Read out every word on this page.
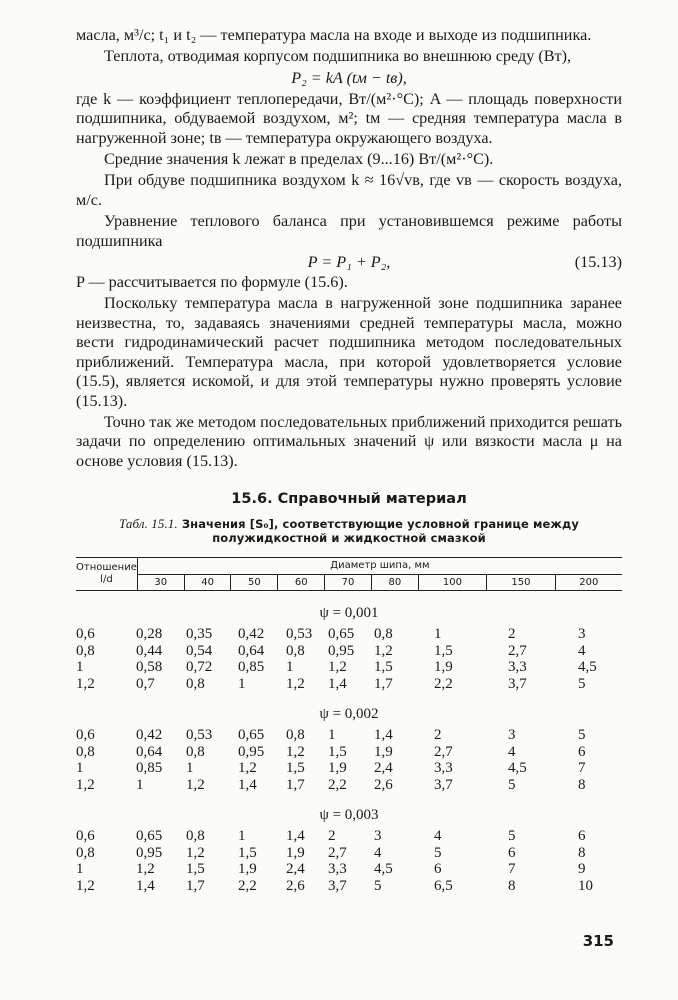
масла, м³/с; t₁ и t₂ — температура масла на входе и выходе из подшипника.

Теплота, отводимая корпусом подшипника во внешнюю среду (Вт),

P₂ = kA (tм − tв),

где k — коэффициент теплопередачи, Вт/(м²·°С); A — площадь поверхности подшипника, обдуваемой воздухом, м²; tм — средняя температура масла в нагруженной зоне; tв — температура окружающего воздуха.

Средние значения k лежат в пределах (9...16) Вт/(м²·°С).

При обдуве подшипника воздухом k ≈ 16√vв, где vв — скорость воздуха, м/с.

Уравнение теплового баланса при установившемся режиме работы подшипника

P = P₁ + P₂,	(15.13)

P — рассчитывается по формуле (15.6).

Поскольку температура масла в нагруженной зоне подшипника заранее неизвестна, то, задаваясь значениями средней температуры масла, можно вести гидродинамический расчет подшипника методом последовательных приближений. Температура масла, при которой удовлетворяется условие (15.5), является искомой, и для этой температуры нужно проверять условие (15.13).

Точно так же методом последовательных приближений приходится решать задачи по определению оптимальных значений ψ или вязкости масла μ на основе условия (15.13).

15.6. Справочный материал
Табл. 15.1. Значения [S₀], соответствующие условной границе между полужидкостной и жидкостной смазкой
Отношение l/d	Диаметр шипа, мм								
	30	40	50	60	70	80	100	150	200
ψ = 0,001
0,6	0,28 0,35 0,42 0,53 0,65 0,8	1	2	3
0,8	0,44 0,54 0,64 0,8 0,95 1,2	1,5	2,7	4
1	0,58 0,72 0,85 1 1,2 1,5	1,9	3,3	4,5
1,2	0,7 0,8 1	1,2 1,4 1,7	2,2	3,7	5
ψ = 0,002
0,6	0,42 0,53 0,65 0,8 1	1,4	2	3	5
0,8	0,64 0,8 0,95 1,2 1,5 1,9	2,7	4	6
1	0,85 1	1,2 1,5 1,9 2,4	3,3	4,5	7
1,2	1	1,2 1,4 1,7 2,2 2,6	3,7	5	8
ψ = 0,003
0,6	0,65 0,8 1	1,4 2	3	4	5	6
0,8	0,95 1,2 1,5 1,9 2,7 4	5	6	8
1	1,2 1,5 1,9 2,4 3,3 4,5	6	7	9
1,2	1,4 1,7 2,2 2,6 3,7 5	6,5	8	10
315
